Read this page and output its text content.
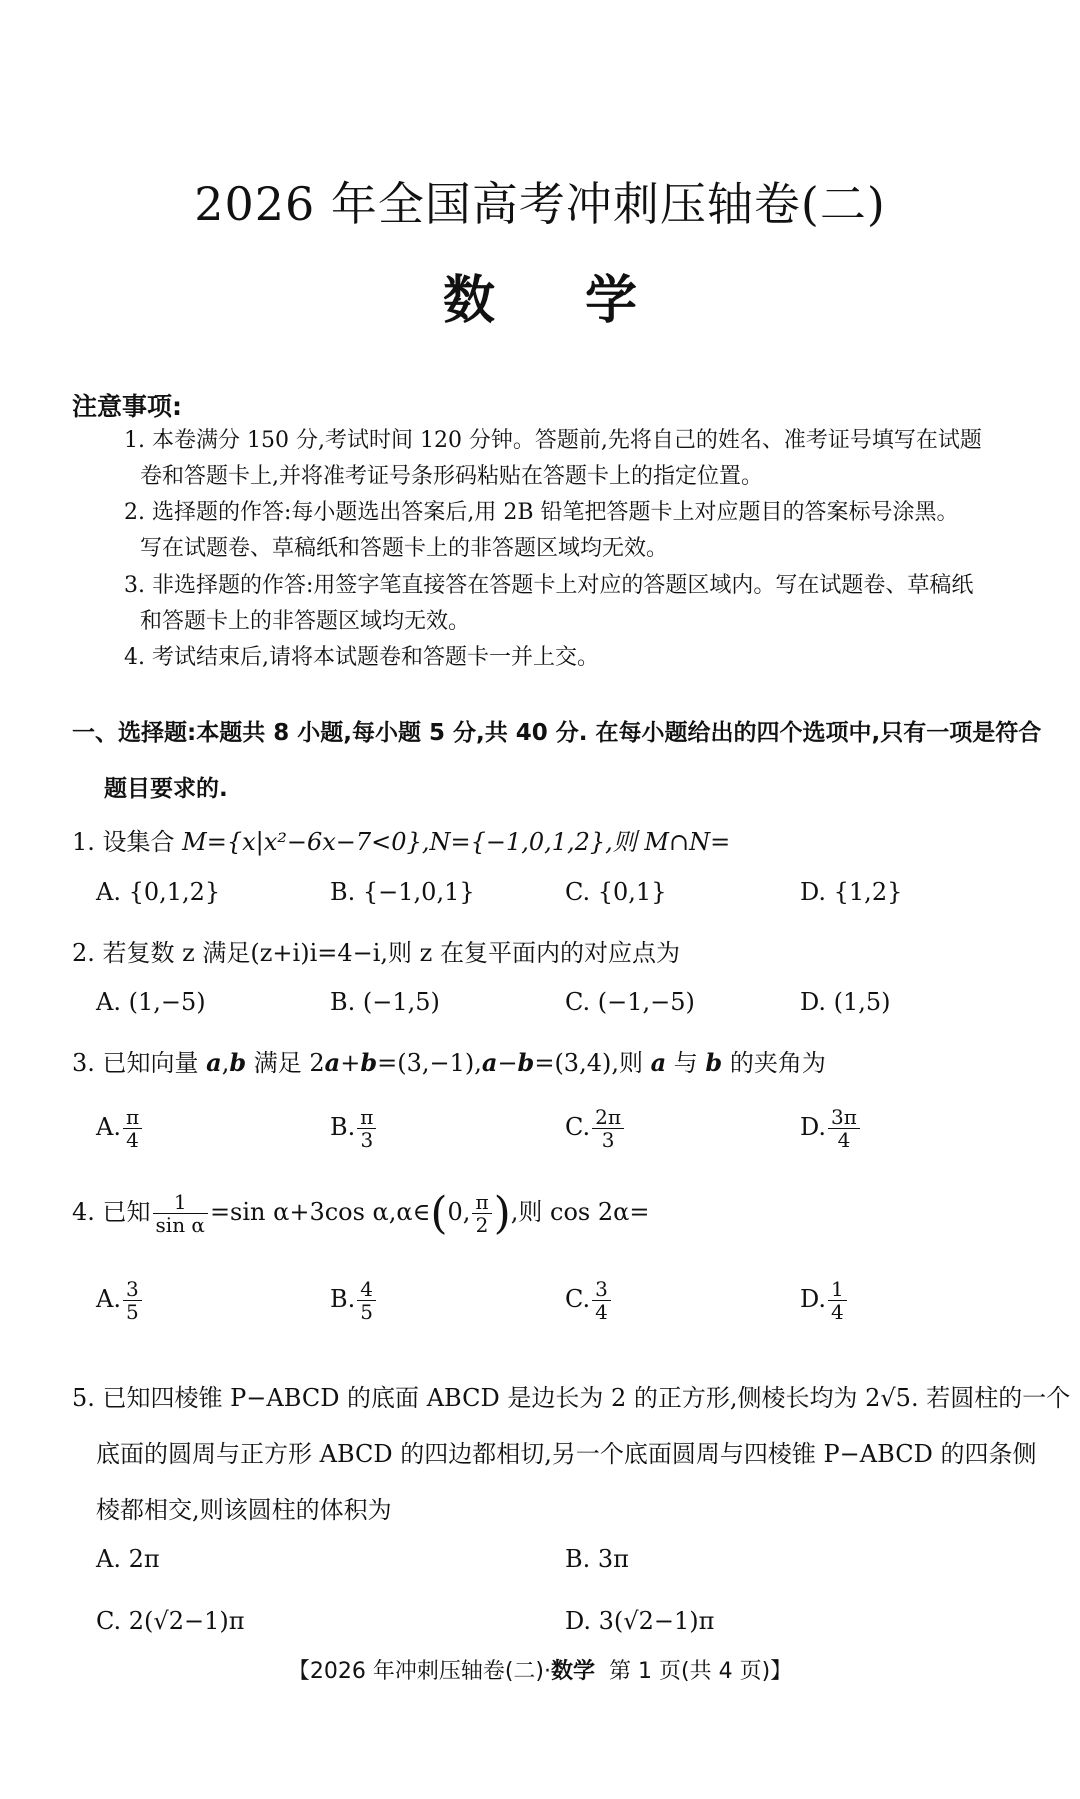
2026 年全国高考冲刺压轴卷(二)
数学
注意事项:
1. 本卷满分 150 分,考试时间 120 分钟。答题前,先将自己的姓名、准考证号填写在试题
卷和答题卡上,并将准考证号条形码粘贴在答题卡上的指定位置。
2. 选择题的作答:每小题选出答案后,用 2B 铅笔把答题卡上对应题目的答案标号涂黑。
写在试题卷、草稿纸和答题卡上的非答题区域均无效。
3. 非选择题的作答:用签字笔直接答在答题卡上对应的答题区域内。写在试题卷、草稿纸
和答题卡上的非答题区域均无效。
4. 考试结束后,请将本试题卷和答题卡一并上交。
一、选择题:本题共 8 小题,每小题 5 分,共 40 分. 在每小题给出的四个选项中,只有一项是符合
题目要求的.
1. 设集合 M={x|x²−6x−7<0},N={−1,0,1,2},则 M∩N=
A. {0,1,2}	B. {−1,0,1}	C. {0,1}	D. {1,2}
2. 若复数 z 满足(z+i)i=4−i,则 z 在复平面内的对应点为
A. (1,−5)	B. (−1,5)	C. (−1,−5)	D. (1,5)
3. 已知向量 a,b 满足 2a+b=(3,−1),a−b=(3,4),则 a 与 b 的夹角为
A. $\frac{\pi}{4}$	B. $\frac{\pi}{3}$	C. $\frac{2\pi}{3}$	D. $\frac{3\pi}{4}$
4. 已知 $\frac{1}{\text{sin α}} =\sin$ α+3cos α,α∈(0, $\frac{\pi}{2}$ ),则 cos 2α=
A. $\frac{3}{5}$	B. $\frac{4}{5}$	C. $\frac{3}{4}$	D. $\frac{1}{4}$
5. 已知四棱锥 P−ABCD 的底面 ABCD 是边长为 2 的正方形,侧棱长均为 2√5. 若圆柱的一个
底面的圆周与正方形 ABCD 的四边都相切,另一个底面圆周与四棱锥 P−ABCD 的四条侧
棱都相交,则该圆柱的体积为
A. 2π	B. 3π
C. 2(√2−1)π	D. 3(√2−1)π
【2026 年冲刺压轴卷(二)·数学 第 1 页(共 4 页)】
